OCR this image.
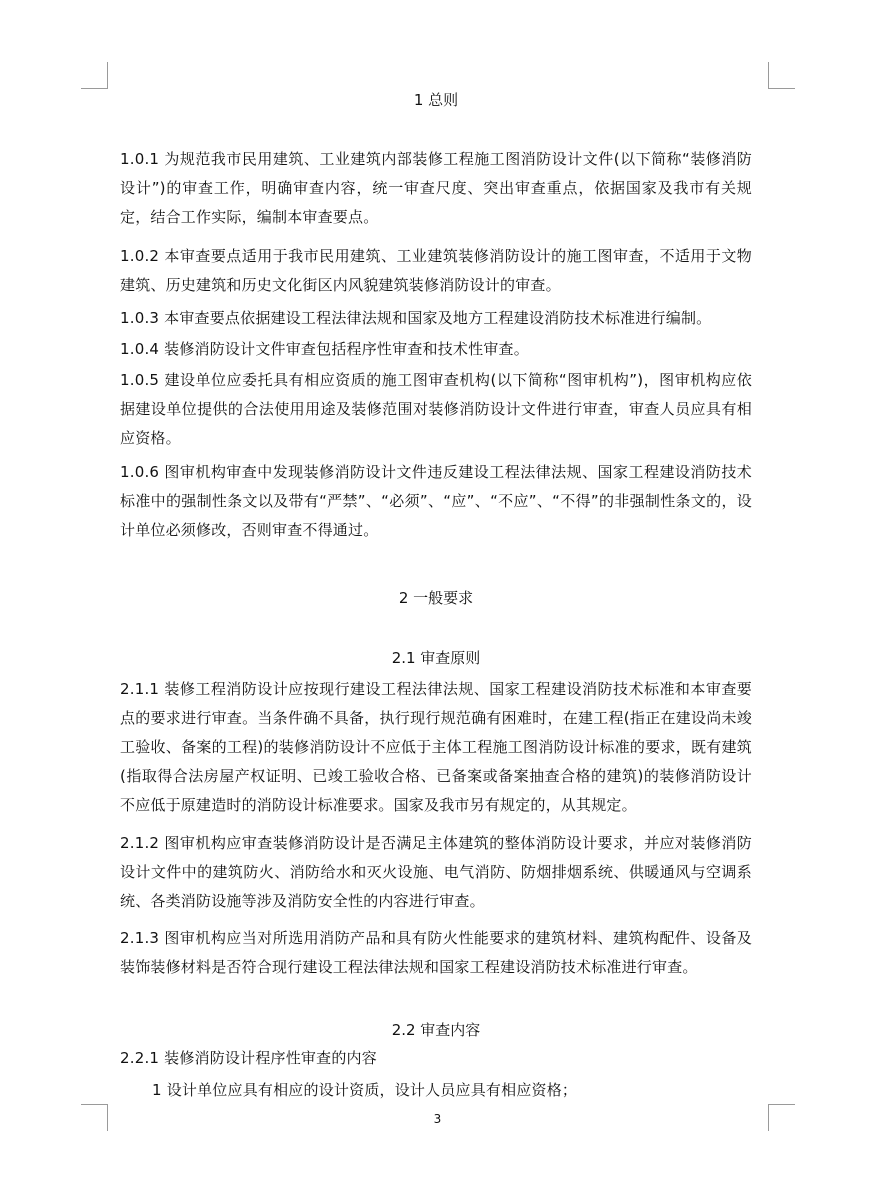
1 总则

1.0.1 为规范我市民用建筑、工业建筑内部装修工程施工图消防设计文件(以下简称“装修消防设计”)的审查工作，明确审查内容，统一审查尺度、突出审查重点，依据国家及我市有关规定，结合工作实际，编制本审查要点。

1.0.2 本审查要点适用于我市民用建筑、工业建筑装修消防设计的施工图审查，不适用于文物建筑、历史建筑和历史文化街区内风貌建筑装修消防设计的审查。

1.0.3 本审查要点依据建设工程法律法规和国家及地方工程建设消防技术标准进行编制。

1.0.4 装修消防设计文件审查包括程序性审查和技术性审查。

1.0.5 建设单位应委托具有相应资质的施工图审查机构(以下简称“图审机构”)，图审机构应依据建设单位提供的合法使用用途及装修范围对装修消防设计文件进行审查，审查人员应具有相应资格。

1.0.6 图审机构审查中发现装修消防设计文件违反建设工程法律法规、国家工程建设消防技术标准中的强制性条文以及带有“严禁”、“必须”、“应”、“不应”、“不得”的非强制性条文的，设计单位必须修改，否则审查不得通过。

2 一般要求
2.1 审查原则

2.1.1 装修工程消防设计应按现行建设工程法律法规、国家工程建设消防技术标准和本审查要点的要求进行审查。当条件确不具备，执行现行规范确有困难时，在建工程(指正在建设尚未竣工验收、备案的工程)的装修消防设计不应低于主体工程施工图消防设计标准的要求，既有建筑(指取得合法房屋产权证明、已竣工验收合格、已备案或备案抽查合格的建筑)的装修消防设计不应低于原建造时的消防设计标准要求。国家及我市另有规定的，从其规定。

2.1.2 图审机构应审查装修消防设计是否满足主体建筑的整体消防设计要求，并应对装修消防设计文件中的建筑防火、消防给水和灭火设施、电气消防、防烟排烟系统、供暖通风与空调系统、各类消防设施等涉及消防安全性的内容进行审查。

2.1.3 图审机构应当对所选用消防产品和具有防火性能要求的建筑材料、建筑构配件、设备及装饰装修材料是否符合现行建设工程法律法规和国家工程建设消防技术标准进行审查。

2.2 审查内容

2.2.1 装修消防设计程序性审查的内容

1 设计单位应具有相应的设计资质，设计人员应具有相应资格；

3
